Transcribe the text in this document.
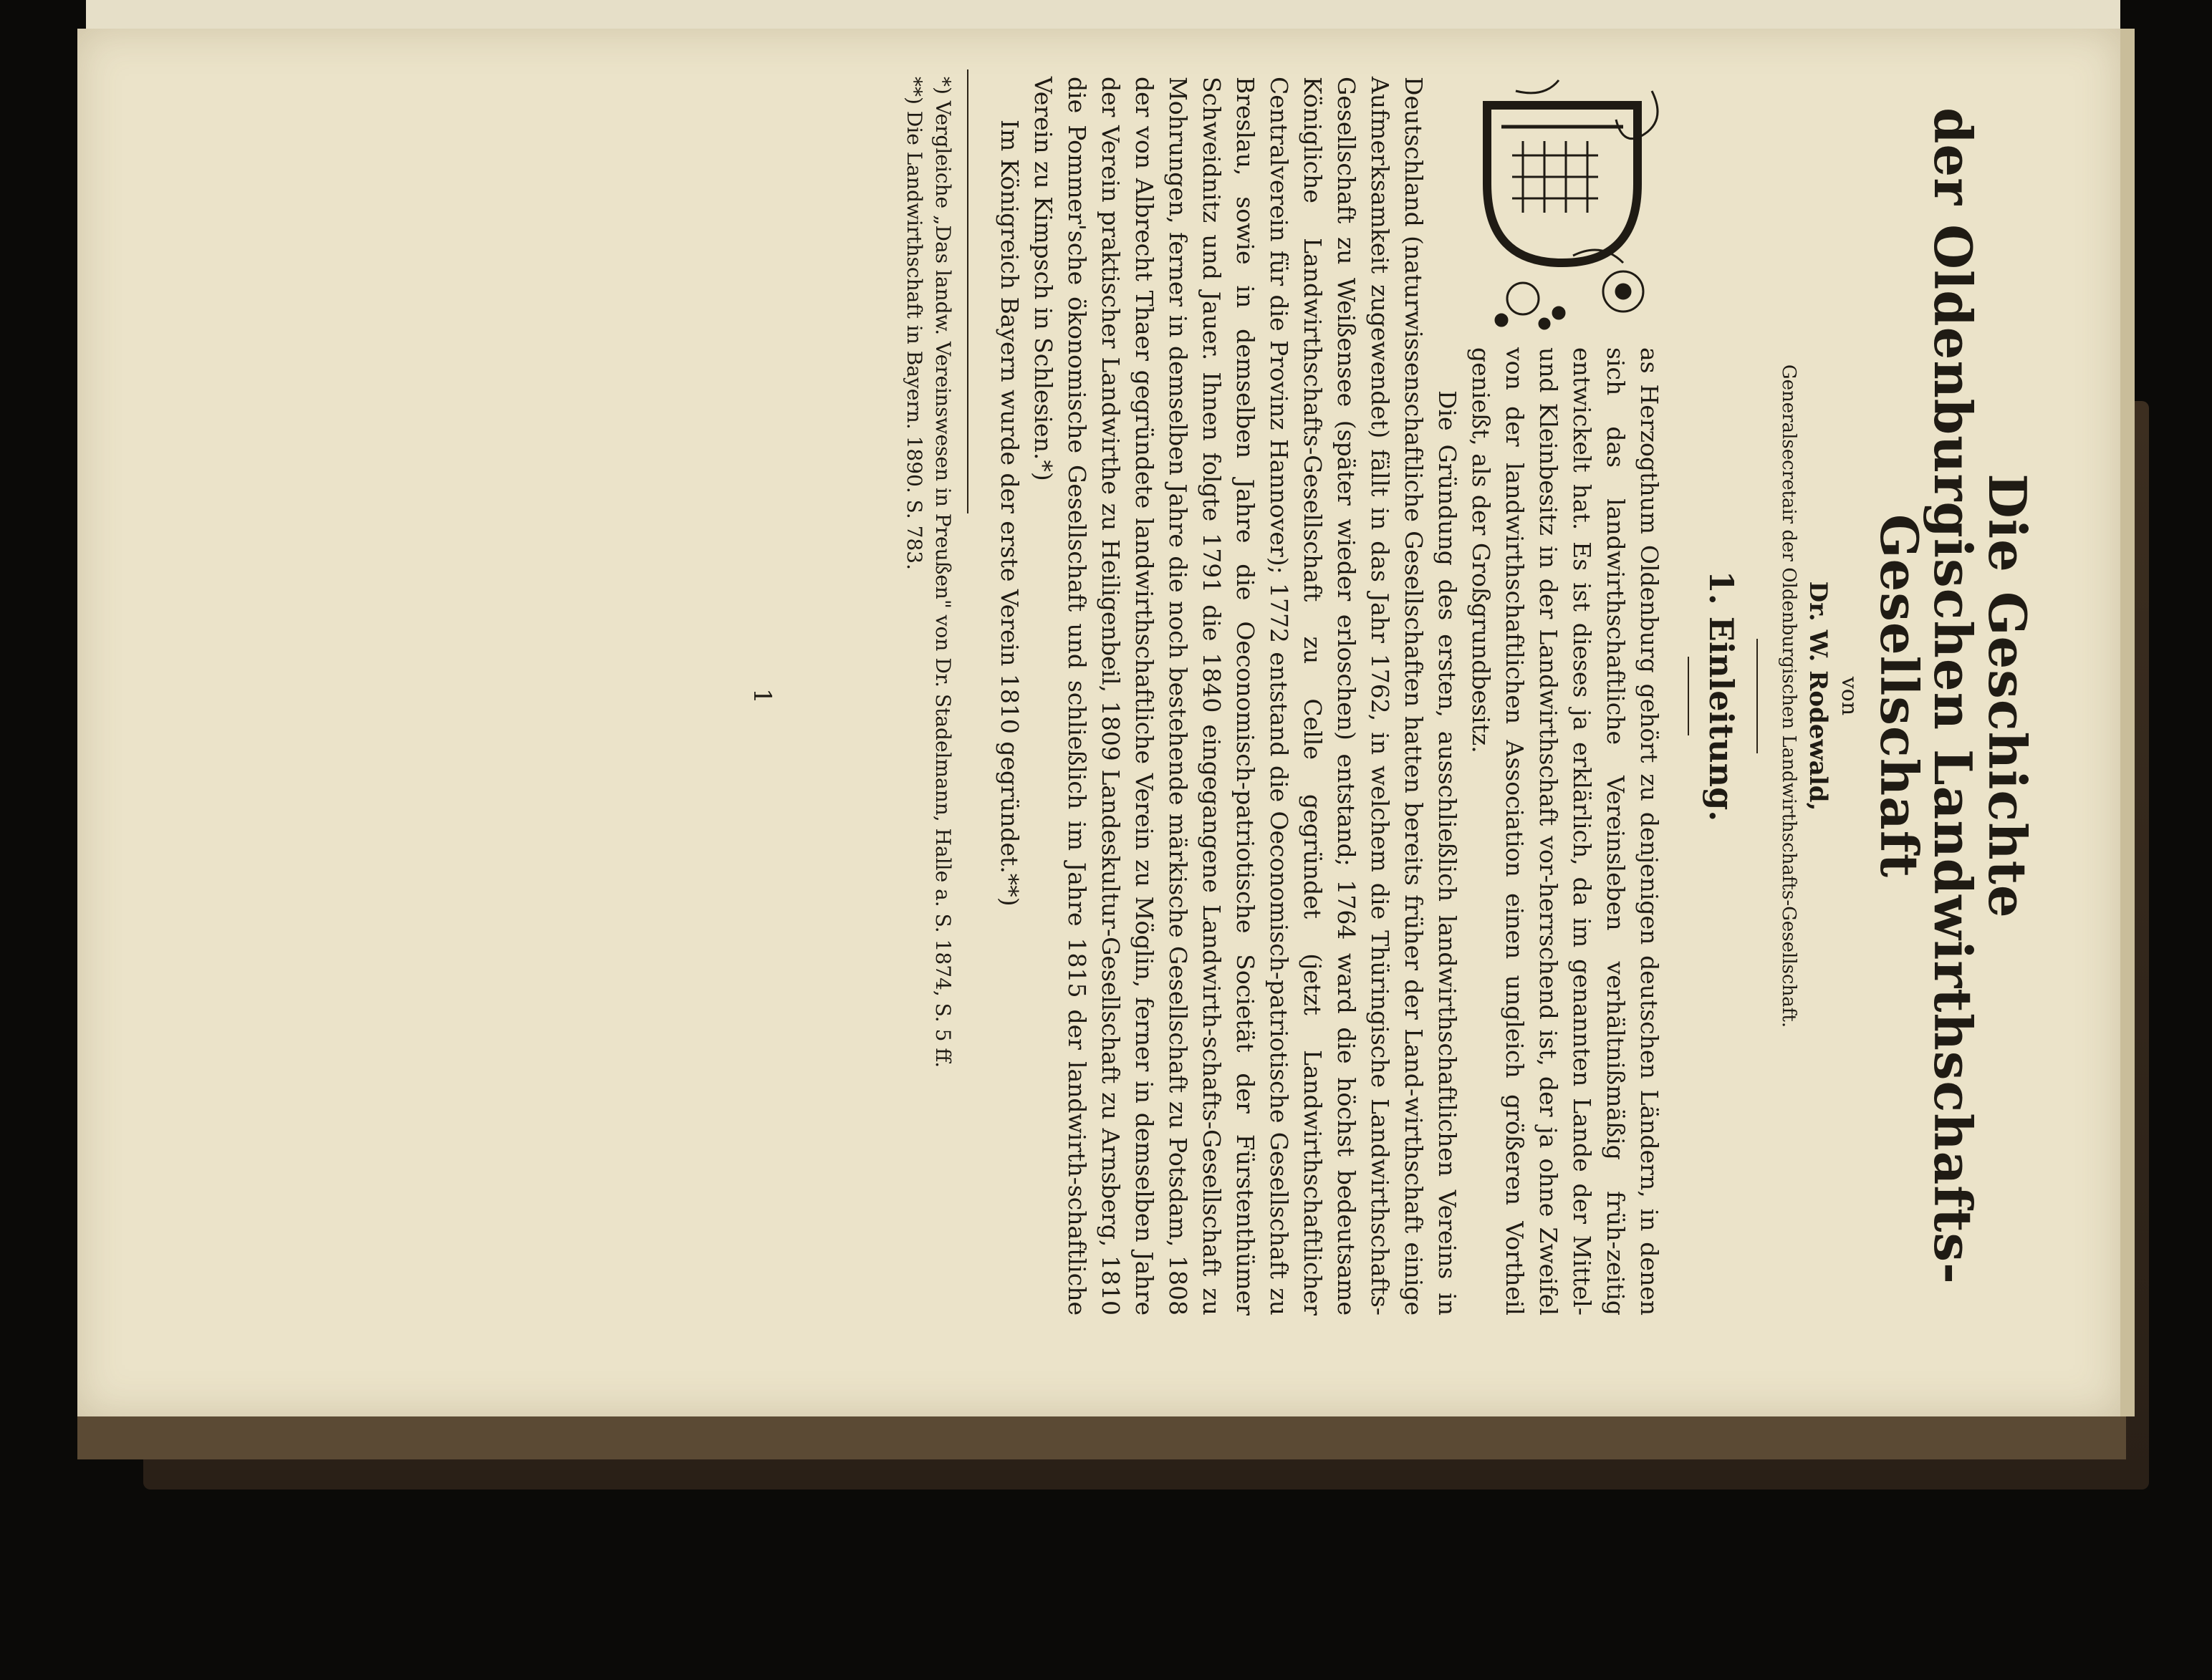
Die Geschichte
der Oldenburgischen Landwirthschafts-Gesellschaft
von
Dr. W. Rodewald,
Generalsecretair der Oldenburgischen Landwirthschafts-Gesellschaft.
1. Einleitung.

as Herzogthum Oldenburg gehört zu denjenigen deutschen Ländern, in denen sich das landwirthschaftliche Vereinsleben verhältnißmäßig früh-zeitig entwickelt hat. Es ist dieses ja erklärlich, da im genannten Lande der Mittel- und Kleinbesitz in der Landwirthschaft vor-herrschend ist, der ja ohne Zweifel von der landwirthschaftlichen Association einen ungleich größeren Vortheil genießt, als der Großgrundbesitz.

Die Gründung des ersten, ausschließlich landwirthschaftlichen Vereins in Deutschland (naturwissenschaftliche Gesellschaften hatten bereits früher der Land-wirthschaft einige Aufmerksamkeit zugewendet) fällt in das Jahr 1762, in welchem die Thüringische Landwirthschafts-Gesellschaft zu Weißensee (später wieder erloschen) entstand; 1764 ward die höchst bedeutsame Königliche Landwirthschafts-Gesellschaft zu Celle gegründet (jetzt Landwirthschaftlicher Centralverein für die Provinz Hannover); 1772 entstand die Oeconomisch-patriotische Gesellschaft zu Breslau, sowie in demselben Jahre die Oeconomisch-patriotische Societät der Fürstenthümer Schweidnitz und Jauer. Ihnen folgte 1791 die 1840 eingegangene Landwirth-schafts-Gesellschaft zu Mohrungen, ferner in demselben Jahre die noch bestehende märkische Gesellschaft zu Potsdam, 1808 der von Albrecht Thaer gegründete landwirthschaftliche Verein zu Möglin, ferner in demselben Jahre der Verein praktischer Landwirthe zu Heiligenbeil, 1809 Landeskultur-Gesellschaft zu Arnsberg, 1810 die Pommer'sche ökonomische Gesellschaft und schließlich im Jahre 1815 der landwirth-schaftliche Verein zu Kimpsch in Schlesien.*)

Im Königreich Bayern wurde der erste Verein 1810 gegründet.**)

*) Vergleiche „Das landw. Vereinswesen in Preußen" von Dr. Stadelmann, Halle a. S. 1874, S. 5 ff.
**) Die Landwirthschaft in Bayern. 1890. S. 783.
1
